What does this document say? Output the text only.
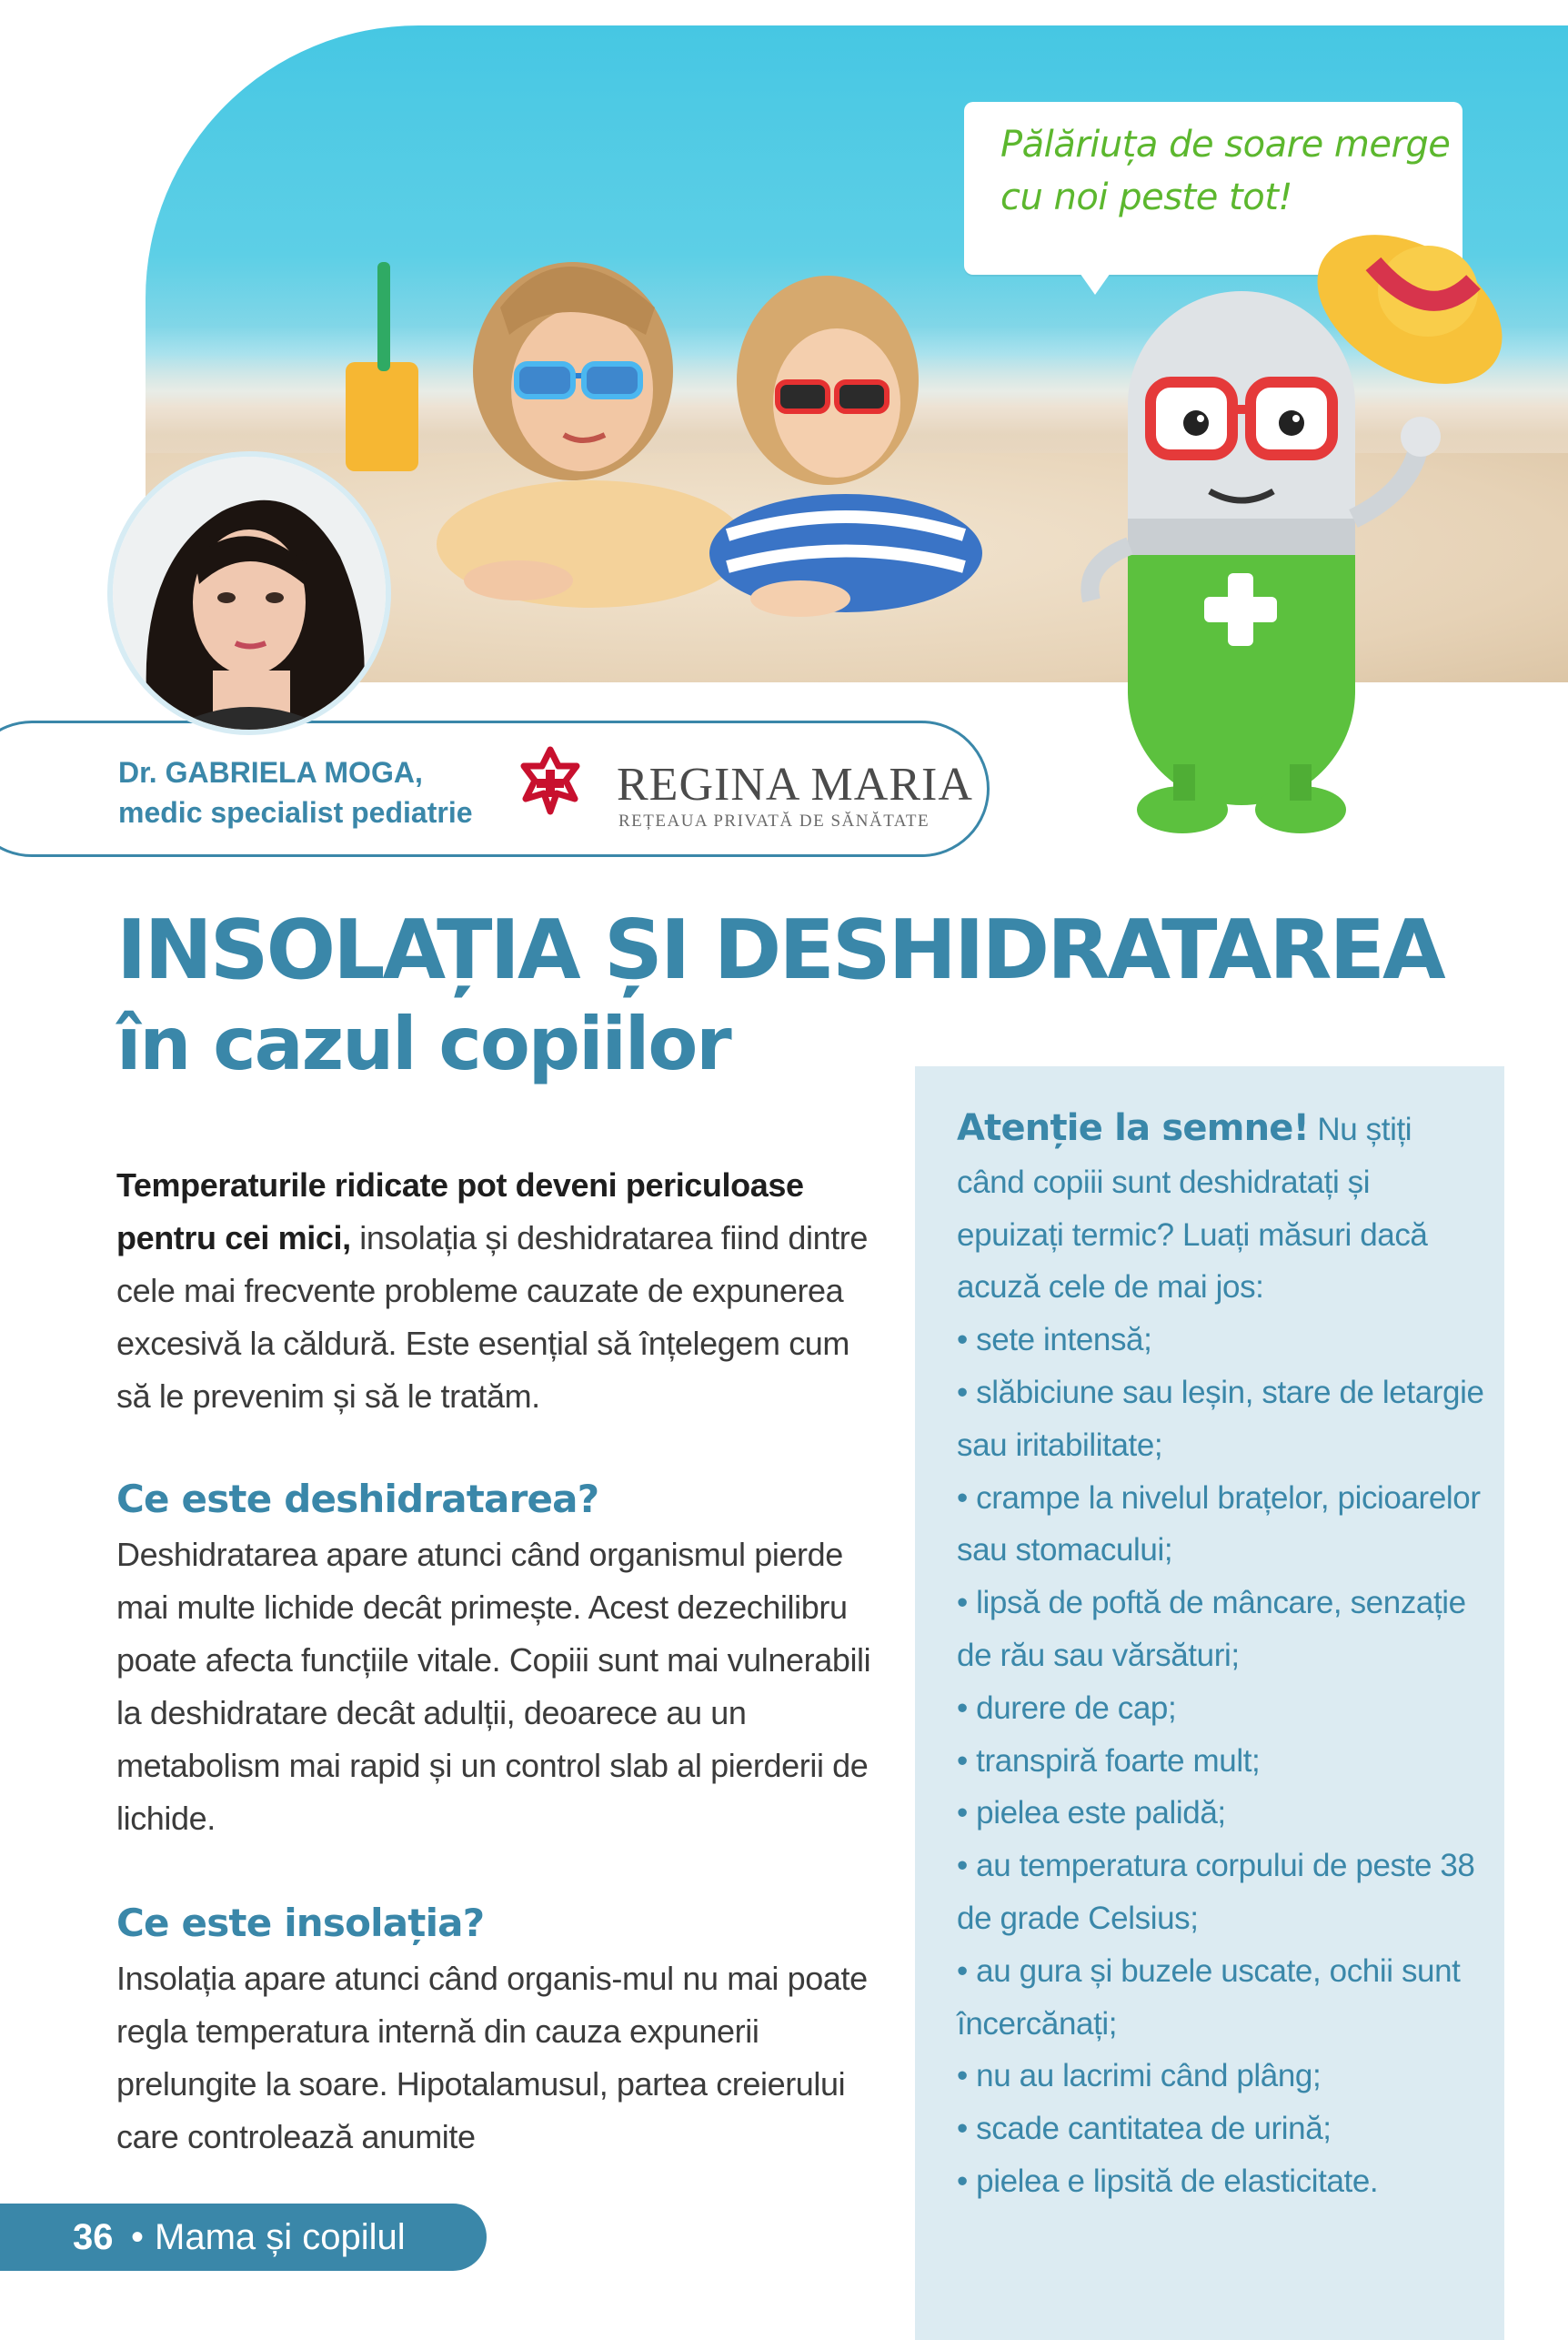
Pălăriuța de soare merge cu noi peste tot!
Dr. GABRIELA MOGA,
medic specialist pediatrie
REGINA MARIA
REȚEAUA PRIVATĂ DE SĂNĂTATE
INSOLAȚIA ȘI DESHIDRATAREA
în cazul copiilor
Temperaturile ridicate pot deveni periculoase pentru cei mici, insolația și deshidratarea fiind dintre cele mai frecvente probleme cauzate de expunerea excesivă la căldură. Este esențial să înțelegem cum să le prevenim și să le tratăm.
Ce este deshidratarea?
Deshidratarea apare atunci când organismul pierde mai multe lichide decât primește. Acest dezechilibru poate afecta funcțiile vitale. Copiii sunt mai vulnerabili la deshidratare decât adulții, deoarece au un metabolism mai rapid și un control slab al pierderii de lichide.
Ce este insolația?
Insolația apare atunci când organis-mul nu mai poate regla temperatura internă din cauza expunerii prelungite la soare. Hipotalamusul, partea creierului care controlează anumite
Atenție la semne! Nu știți când copiii sunt deshidratați și epuizați termic? Luați măsuri dacă acuză cele de mai jos:
• sete intensă;
• slăbiciune sau leșin, stare de letargie sau iritabilitate;
• crampe la nivelul brațelor, picioarelor sau stomacului;
• lipsă de poftă de mâncare, senzație de rău sau vărsături;
• durere de cap;
• transpiră foarte mult;
• pielea este palidă;
• au temperatura corpului de peste 38 de grade Celsius;
• au gura și buzele uscate, ochii sunt încercănați;
• nu au lacrimi când plâng;
• scade cantitatea de urină;
• pielea e lipsită de elasticitate.
36 • Mama și copilul
